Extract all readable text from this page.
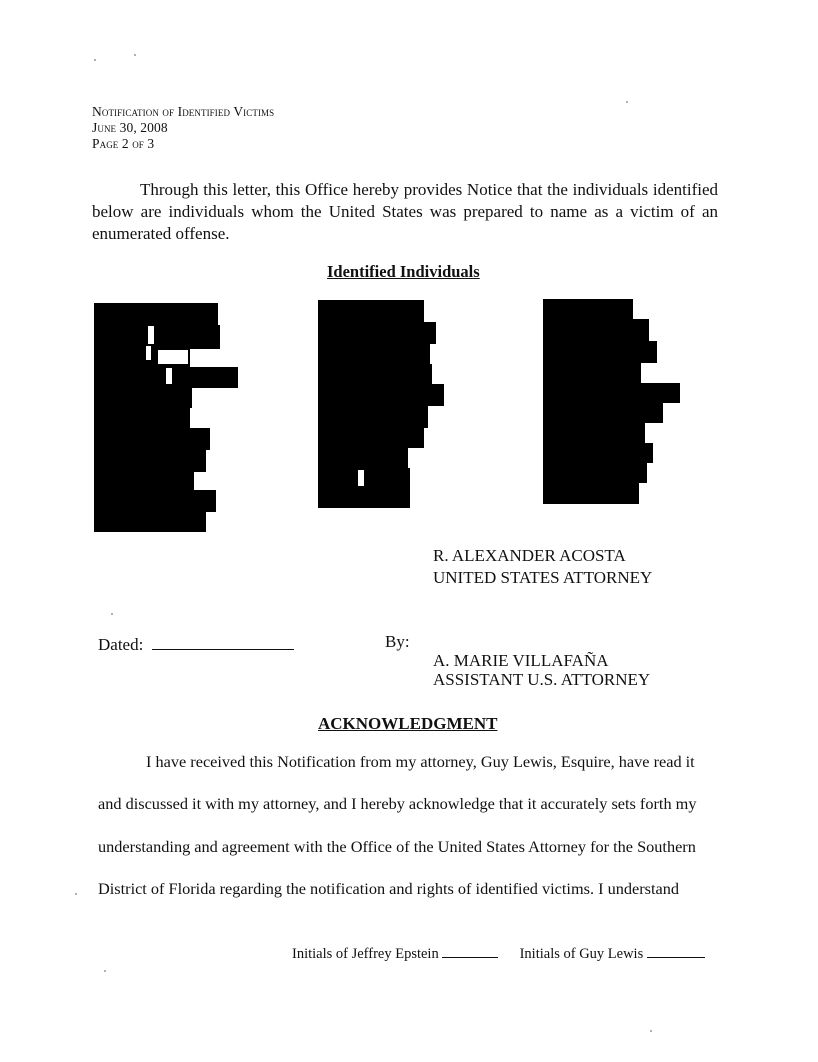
Notification of Identified Victims
June 30, 2008
Page 2 of 3
Through this letter, this Office hereby provides Notice that the individuals identified below are individuals whom the United States was prepared to name as a victim of an enumerated offense.
Identified Individuals
R. ALEXANDER ACOSTA
UNITED STATES ATTORNEY
Dated:	By:
A. MARIE VILLAFAÑA
ASSISTANT U.S. ATTORNEY
ACKNOWLEDGMENT
I have received this Notification from my attorney, Guy Lewis, Esquire, have read it
and discussed it with my attorney, and I hereby acknowledge that it accurately sets forth my
understanding and agreement with the Office of the United States Attorney for the Southern
District of Florida regarding the notification and rights of identified victims. I understand
Initials of Jeffrey Epstein	Initials of Guy Lewis
